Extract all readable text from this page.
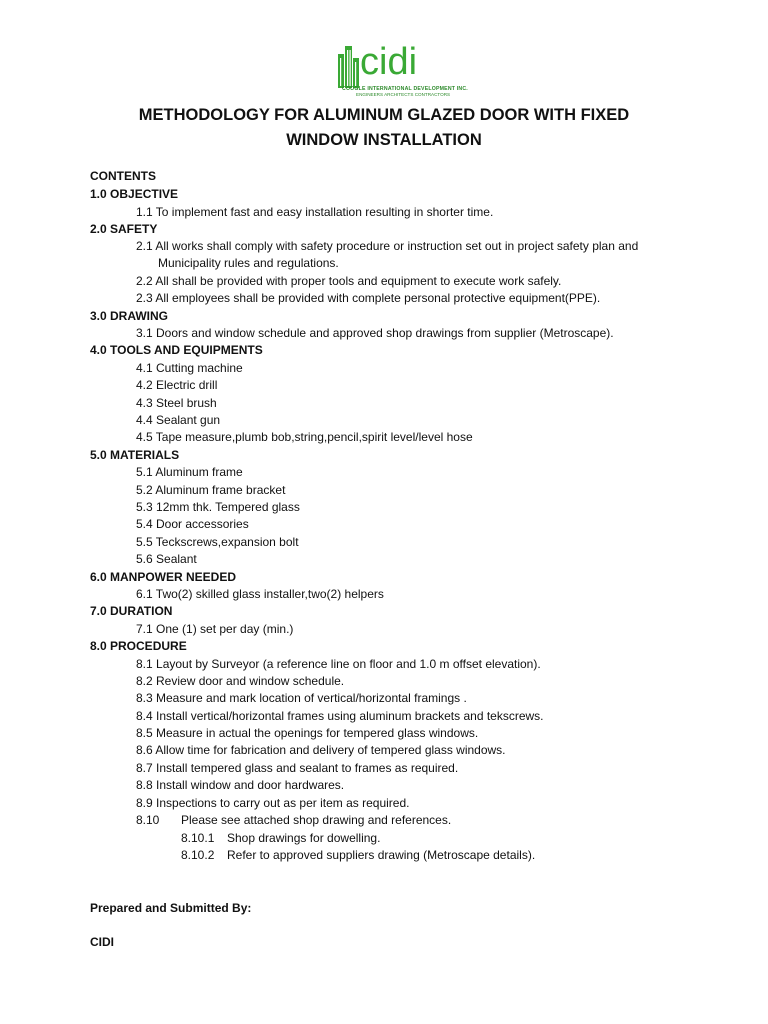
cidi
COOGLE INTERNATIONAL DEVELOPMENT INC.
ENGINEERS ARCHITECTS CONTRACTORS
METHODOLOGY FOR ALUMINUM GLAZED DOOR WITH FIXED
WINDOW INSTALLATION
CONTENTS
1.0 OBJECTIVE
1.1 To implement fast and easy installation resulting in shorter time.
2.0 SAFETY
2.1 All works shall comply with safety procedure or instruction set out in project safety plan and
Municipality rules and regulations.
2.2 All shall be provided with proper tools and equipment to execute work safely.
2.3 All employees shall be provided with complete personal protective equipment(PPE).
3.0 DRAWING
3.1 Doors and window schedule and approved shop drawings from supplier (Metroscape).
4.0 TOOLS AND EQUIPMENTS
4.1 Cutting machine
4.2 Electric drill
4.3 Steel brush
4.4 Sealant gun
4.5 Tape measure,plumb bob,string,pencil,spirit level/level hose
5.0 MATERIALS
5.1 Aluminum frame
5.2 Aluminum frame bracket
5.3 12mm thk. Tempered glass
5.4 Door accessories
5.5 Teckscrews,expansion bolt
5.6 Sealant
6.0 MANPOWER NEEDED
6.1 Two(2) skilled glass installer,two(2) helpers
7.0 DURATION
7.1 One (1) set per day (min.)
8.0 PROCEDURE
8.1 Layout by Surveyor (a reference line on floor and 1.0 m offset elevation).
8.2 Review door and window schedule.
8.3 Measure and mark location of vertical/horizontal framings .
8.4 Install vertical/horizontal frames using aluminum brackets and tekscrews.
8.5 Measure in actual the openings for tempered glass windows.
8.6 Allow time for fabrication and delivery of tempered glass windows.
8.7 Install tempered glass and sealant to frames as required.
8.8 Install window and door hardwares.
8.9 Inspections to carry out as per item as required.
8.10 Please see attached shop drawing and references.
8.10.1 Shop drawings for dowelling.
8.10.2 Refer to approved suppliers drawing (Metroscape details).
Prepared and Submitted By:
CIDI
